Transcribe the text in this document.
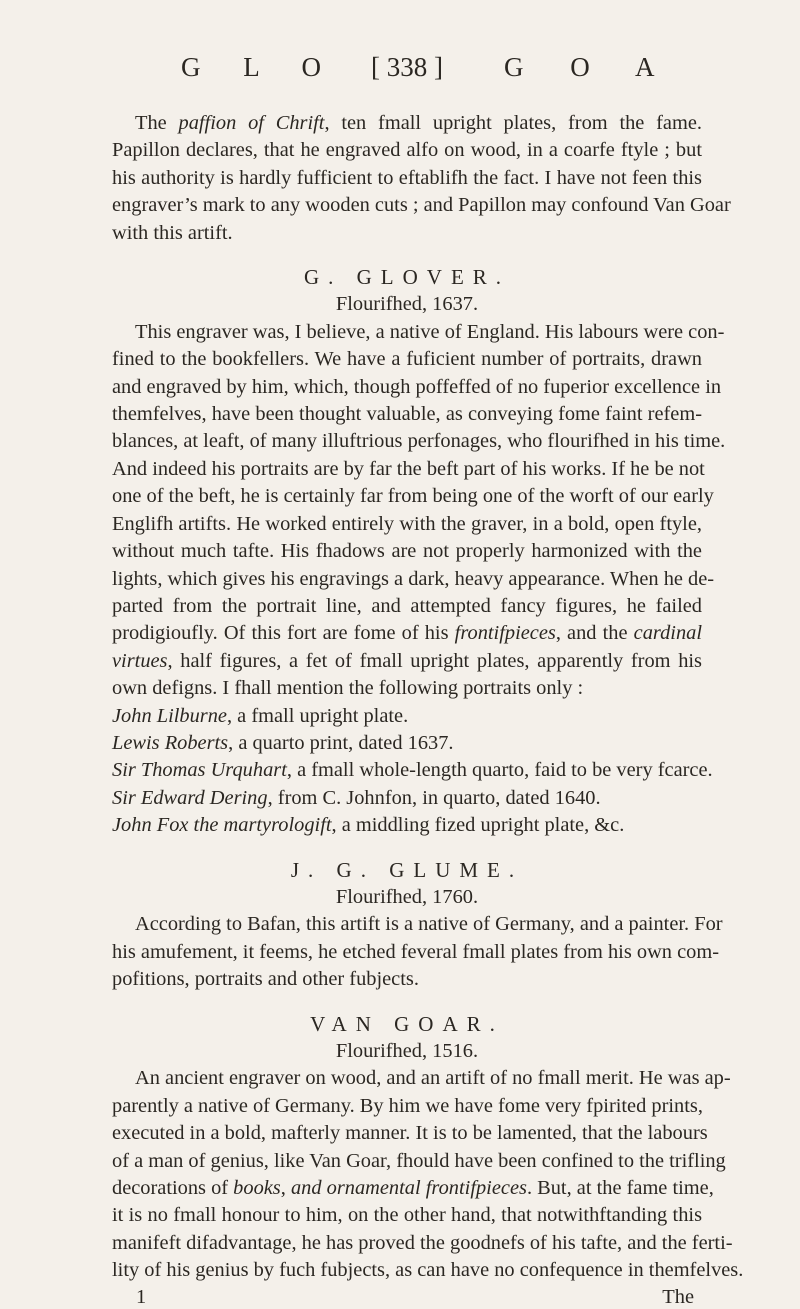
G L O [ 338 ] G O A
The paffion of Chrift, ten fmall upright plates, from the fame.
Papillon declares, that he engraved alfo on wood, in a coarfe ftyle ; but
his authority is hardly fufficient to eftablifh the fact. I have not feen this
engraver’s mark to any wooden cuts ; and Papillon may confound Van Goar
with this artift.
G. GLOVER.
Flourifhed, 1637.
This engraver was, I believe, a native of England. His labours were con-
fined to the bookfellers. We have a fuficient number of portraits, drawn
and engraved by him, which, though poffeffed of no fuperior excellence in
themfelves, have been thought valuable, as conveying fome faint refem-
blances, at leaft, of many illuftrious perfonages, who flourifhed in his time.
And indeed his portraits are by far the beft part of his works. If he be not
one of the beft, he is certainly far from being one of the worft of our early
Englifh artifts. He worked entirely with the graver, in a bold, open ftyle,
without much tafte. His fhadows are not properly harmonized with the
lights, which gives his engravings a dark, heavy appearance. When he de-
parted from the portrait line, and attempted fancy figures, he failed
prodigioufly. Of this fort are fome of his frontifpieces, and the cardinal
virtues, half figures, a fet of fmall upright plates, apparently from his
own defigns. I fhall mention the following portraits only :
John Lilburne, a fmall upright plate.
Lewis Roberts, a quarto print, dated 1637.
Sir Thomas Urquhart, a fmall whole-length quarto, faid to be very fcarce.
Sir Edward Dering, from C. Johnfon, in quarto, dated 1640.
John Fox the martyrologift, a middling fized upright plate, &c.
J. G. GLUME.
Flourifhed, 1760.
According to Bafan, this artift is a native of Germany, and a painter. For
his amufement, it feems, he etched feveral fmall plates from his own com-
pofitions, portraits and other fubjects.
VAN GOAR.
Flourifhed, 1516.
An ancient engraver on wood, and an artift of no fmall merit. He was ap-
parently a native of Germany. By him we have fome very fpirited prints,
executed in a bold, mafterly manner. It is to be lamented, that the labours
of a man of genius, like Van Goar, fhould have been confined to the trifling
decorations of books, and ornamental frontifpieces. But, at the fame time,
it is no fmall honour to him, on the other hand, that notwithftanding this
manifeft difadvantage, he has proved the goodnefs of his tafte, and the ferti-
lity of his genius by fuch fubjects, as can have no confequence in themfelves.
1	The
